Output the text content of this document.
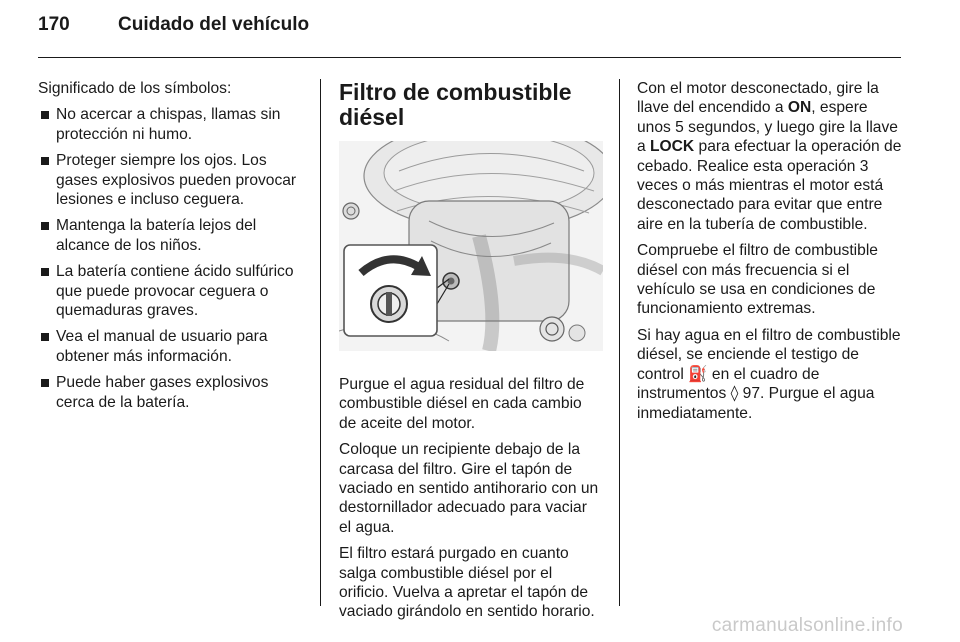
170	Cuidado del vehículo

Significado de los símbolos:

No acercar a chispas, llamas sin protección ni humo.
Proteger siempre los ojos. Los gases explosivos pueden provocar lesiones e incluso ceguera.
Mantenga la batería lejos del alcance de los niños.
La batería contiene ácido sulfúrico que puede provocar ceguera o quemaduras graves.
Vea el manual de usuario para obtener más información.
Puede haber gases explosivos cerca de la batería.
Filtro de combustible diésel

Purgue el agua residual del filtro de combustible diésel en cada cambio de aceite del motor.

Coloque un recipiente debajo de la carcasa del filtro. Gire el tapón de vaciado en sentido antihorario con un destornillador adecuado para vaciar el agua.

El filtro estará purgado en cuanto salga combustible diésel por el orificio. Vuelva a apretar el tapón de vaciado girándolo en sentido horario.

Con el motor desconectado, gire la llave del encendido a ON, espere unos 5 segundos, y luego gire la llave a LOCK para efectuar la operación de cebado. Realice esta operación 3 veces o más mientras el motor está desconectado para evitar que entre aire en la tubería de combustible.

Compruebe el filtro de combustible diésel con más frecuencia si el vehículo se usa en condiciones de funcionamiento extremas.

Si hay agua en el filtro de combustible diésel, se enciende el testigo de control ⛽ en el cuadro de instrumentos ◊ 97. Purgue el agua inmediatamente.

carmanualsonline.info
